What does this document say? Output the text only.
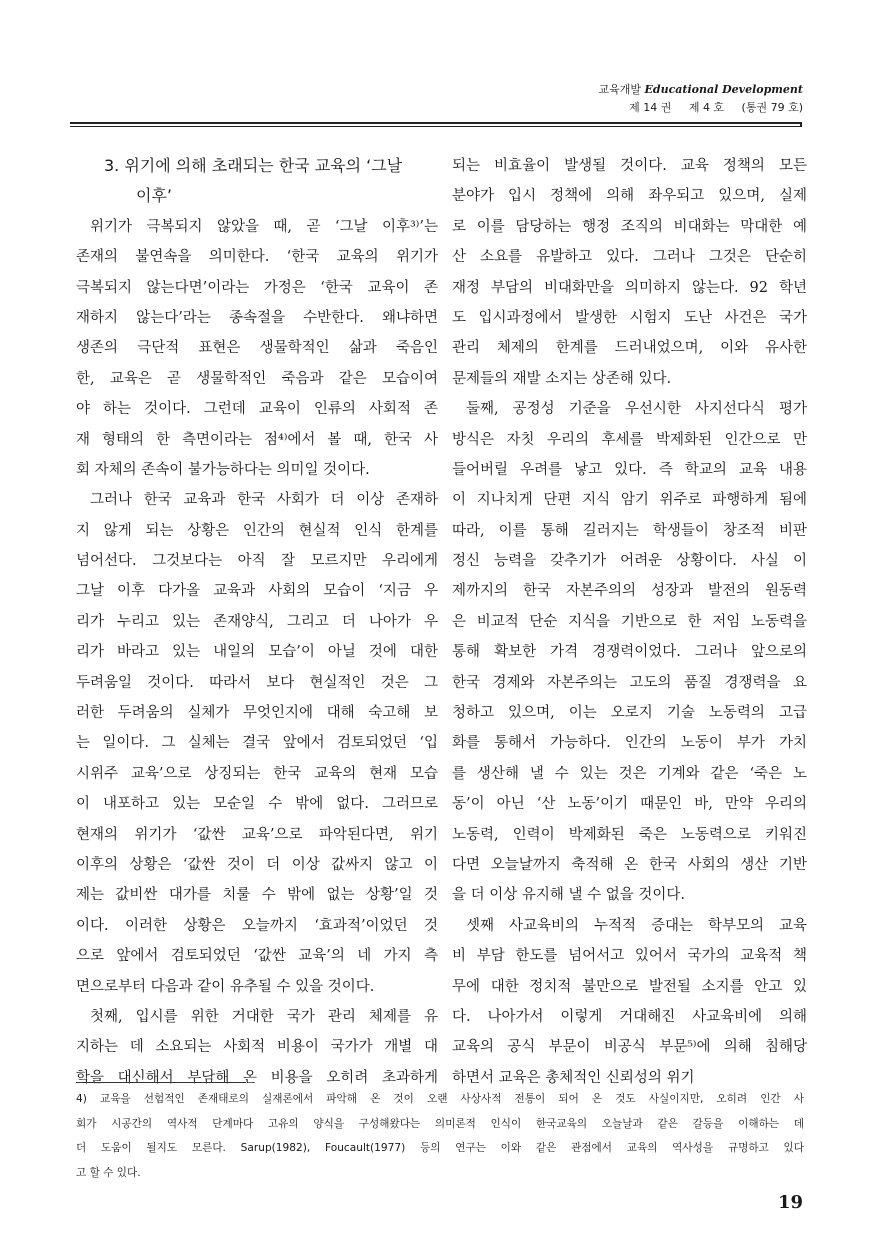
교육개발 Educational Development
제 14 권     제 4 호     (통권 79 호)
3. 위기에 의해 초래되는 한국 교육의 ‘그날
이후’
위기가 극복되지 않았을 때, 곧 ‘그날 이후³⁾’는
존재의 불연속을 의미한다. ‘한국 교육의 위기가
극복되지 않는다면’이라는 가정은 ‘한국 교육이 존
재하지 않는다’라는 종속절을 수반한다. 왜냐하면
생존의 극단적 표현은 생물학적인 삶과 죽음인
한, 교육은 곧 생물학적인 죽음과 같은 모습이여
야 하는 것이다. 그런데 교육이 인류의 사회적 존
재 형태의 한 측면이라는 점⁴⁾에서 볼 때, 한국 사
회 자체의 존속이 불가능하다는 의미일 것이다.
그러나 한국 교육과 한국 사회가 더 이상 존재하
지 않게 되는 상황은 인간의 현실적 인식 한계를
넘어선다. 그것보다는 아직 잘 모르지만 우리에게
그날 이후 다가올 교육과 사회의 모습이 ‘지금 우
리가 누리고 있는 존재양식, 그리고 더 나아가 우
리가 바라고 있는 내일의 모습’이 아닐 것에 대한
두려움일 것이다. 따라서 보다 현실적인 것은 그
러한 두려움의 실체가 무엇인지에 대해 숙고해 보
는 일이다. 그 실체는 결국 앞에서 검토되었던 ‘입
시위주 교육’으로 상징되는 한국 교육의 현재 모습
이 내포하고 있는 모순일 수 밖에 없다. 그러므로
현재의 위기가 ‘값싼 교육’으로 파악된다면, 위기
이후의 상황은 ‘값싼 것이 더 이상 값싸지 않고 이
제는 값비싼 대가를 치룰 수 밖에 없는 상황’일 것
이다. 이러한 상황은 오늘까지 ‘효과적’이었던 것
으로 앞에서 검토되었던 ‘값싼 교육’의 네 가지 측
면으로부터 다음과 같이 유추될 수 있을 것이다.
첫째, 입시를 위한 거대한 국가 관리 체제를 유
지하는 데 소요되는 사회적 비용이 국가가 개별 대
학을 대신해서 부담해 온 비용을 오히려 초과하게
되는 비효율이 발생될 것이다. 교육 정책의 모든
분야가 입시 정책에 의해 좌우되고 있으며, 실제
로 이를 담당하는 행정 조직의 비대화는 막대한 예
산 소요를 유발하고 있다. 그러나 그것은 단순히
재정 부담의 비대화만을 의미하지 않는다. 92 학년
도 입시과정에서 발생한 시험지 도난 사건은 국가
관리 체제의 한계를 드러내었으며, 이와 유사한
문제들의 재발 소지는 상존해 있다.
둘째, 공정성 기준을 우선시한 사지선다식 평가
방식은 자칫 우리의 후세를 박제화된 인간으로 만
들어버릴 우려를 낳고 있다. 즉 학교의 교육 내용
이 지나치게 단편 지식 암기 위주로 파행하게 됨에
따라, 이를 통해 길러지는 학생들이 창조적 비판
정신 능력을 갖추기가 어려운 상황이다. 사실 이
제까지의 한국 자본주의의 성장과 발전의 원동력
은 비교적 단순 지식을 기반으로 한 저임 노동력을
통해 확보한 가격 경쟁력이었다. 그러나 앞으로의
한국 경제와 자본주의는 고도의 품질 경쟁력을 요
청하고 있으며, 이는 오로지 기술 노동력의 고급
화를 통해서 가능하다. 인간의 노동이 부가 가치
를 생산해 낼 수 있는 것은 기계와 같은 ‘죽은 노
동’이 아닌 ‘산 노동’이기 때문인 바, 만약 우리의
노동력, 인력이 박제화된 죽은 노동력으로 키워진
다면 오늘날까지 축적해 온 한국 사회의 생산 기반
을 더 이상 유지해 낼 수 없을 것이다.
셋째 사교육비의 누적적 증대는 학부모의 교육
비 부담 한도를 넘어서고 있어서 국가의 교육적 책
무에 대한 정치적 불만으로 발전될 소지를 안고 있
다. 나아가서 이렇게 거대해진 사교육비에 의해
교육의 공식 부문이 비공식 부문⁵⁾에 의해 침해당
하면서 교육은 총체적인 신뢰성의 위기
4) 교육을 선험적인 존재태로의 실재론에서 파악해 온 것이 오랜 사상사적 전통이 되어 온 것도 사실이지만, 오히려 인간 사
회가 시공간의 역사적 단계마다 고유의 양식을 구성해왔다는 의미론적 인식이 한국교육의 오늘날과 같은 갈등을 이해하는 데
더 도움이 될지도 모른다. Sarup(1982), Foucault(1977) 등의 연구는 이와 같은 관점에서 교육의 역사성을 규명하고 있다
고 할 수 있다.
19
